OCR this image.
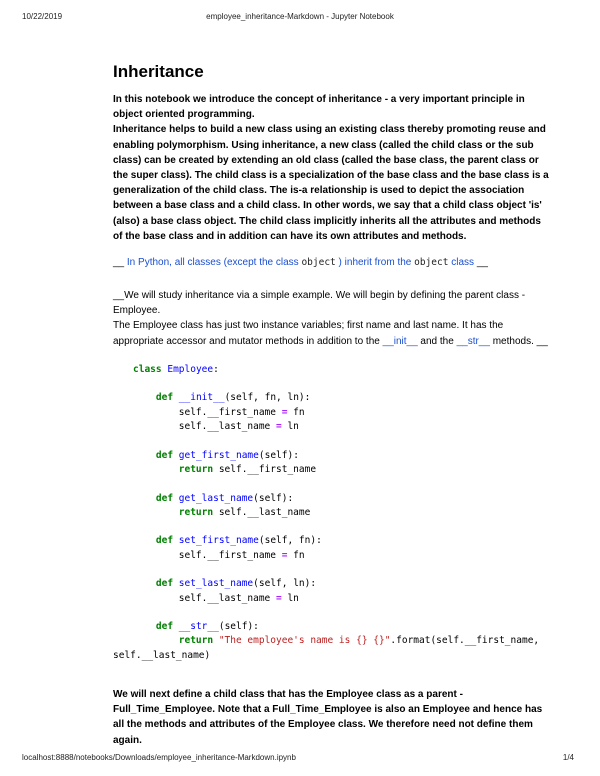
10/22/2019	employee_inheritance-Markdown - Jupyter Notebook
Inheritance
In this notebook we introduce the concept of inheritance - a very important principle in
object oriented programming.
Inheritance helps to build a new class using an existing class thereby promoting reuse and
enabling polymorphism. Using inheritance, a new class (called the child class or the sub
class) can be created by extending an old class (called the base class, the parent class or
the super class). The child class is a specialization of the base class and the base class is a
generalization of the child class. The is-a relationship is used to depict the association
between a base class and a child class. In other words, we say that a child class object 'is'
(also) a base class object. The child class implicitly inherits all the attributes and methods
of the base class and in addition can have its own attributes and methods.
__ In Python, all classes (except the class object ) inherit from the object class __
__We will study inheritance via a simple example. We will begin by defining the parent class -
Employee.
The Employee class has just two instance variables; first name and last name. It has the
appropriate accessor and mutator methods in addition to the __init__ and the __str__ methods. __
class Employee:

def __init__(self, fn, ln):
self.__first_name = fn
self.__last_name = ln

def get_first_name(self):
return self.__first_name

def get_last_name(self):
return self.__last_name

def set_first_name(self, fn):
self.__first_name = fn

def set_last_name(self, ln):
self.__last_name = ln

def __str__(self):
return "The employee's name is {} {}".format(self.__first_name,
self.__last_name)
We will next define a child class that has the Employee class as a parent -
Full_Time_Employee. Note that a Full_Time_Employee is also an Employee and hence has
all the methods and attributes of the Employee class. We therefore need not define them
again.
localhost:8888/notebooks/Downloads/employee_inheritance-Markdown.ipynb	1/4
